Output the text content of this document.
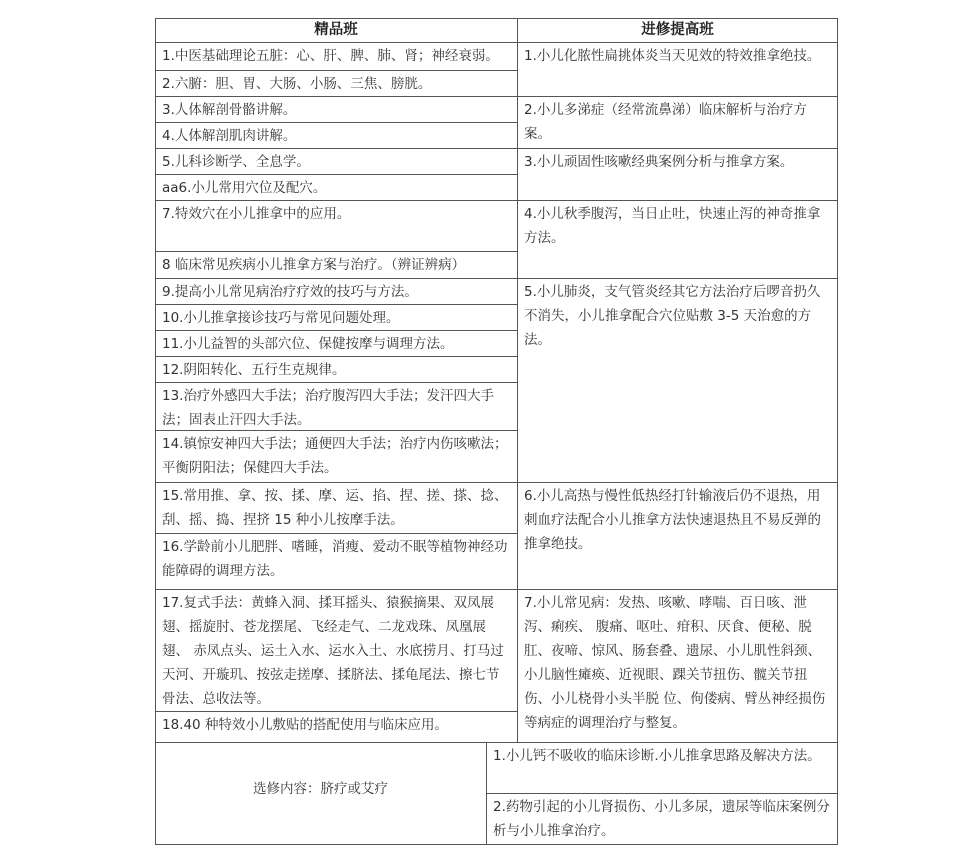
精品班	进修提高班
1.中医基础理论五脏：心、肝、脾、肺、肾；神经衰弱。
2.六腑：胆、胃、大肠、小肠、三焦、膀胱。
3.人体解剖骨骼讲解。
4.人体解剖肌肉讲解。
5.儿科诊断学、全息学。
aa6.小儿常用穴位及配穴。
7.特效穴在小儿推拿中的应用。
8 临床常见疾病小儿推拿方案与治疗。（辨证辨病）
9.提高小儿常见病治疗疗效的技巧与方法。
10.小儿推拿接诊技巧与常见问题处理。
11.小儿益智的头部穴位、保健按摩与调理方法。
12.阴阳转化、五行生克规律。
13.治疗外感四大手法；治疗腹泻四大手法；发汗四大手法；固表止汗四大手法。
14.镇惊安神四大手法；通便四大手法；治疗内伤咳嗽法；平衡阴阳法；保健四大手法。
15.常用推、拿、按、揉、摩、运、掐、捏、搓、搽、捻、刮、摇、捣、捏挤 15 种小儿按摩手法。
16.学龄前小儿肥胖、嗜睡，消瘦、爱动不眠等植物神经功能障碍的调理方法。
17.复式手法：黄蜂入洞、揉耳摇头、猿猴摘果、双凤展翅、摇旋肘、苍龙摆尾、飞经走气、二龙戏珠、凤凰展翅、 赤凤点头、运土入水、运水入土、水底捞月、打马过天河、开璇玑、按弦走搓摩、揉脐法、揉龟尾法、擦七节骨法、总收法等。
18.40 种特效小儿敷贴的搭配使用与临床应用。
1.小儿化脓性扁挑体炎当天见效的特效推拿绝技。
2.小儿多涕症（经常流鼻涕）临床解析与治疗方案。
3.小儿顽固性咳嗽经典案例分析与推拿方案。
4.小儿秋季腹泻，当日止吐，快速止泻的神奇推拿方法。
5.小儿肺炎，支气管炎经其它方法治疗后啰音扔久不消失，小儿推拿配合穴位贴敷 3-5 天治愈的方法。
6.小儿高热与慢性低热经打针输液后仍不退热，用刺血疗法配合小儿推拿方法快速退热且不易反弹的推拿绝技。
7.小儿常见病：发热、咳嗽、哮喘、百日咳、泄泻、痢疾、 腹痛、呕吐、疳积、厌食、便秘、脱肛、夜啼、惊风、肠套叠、遗尿、小儿肌性斜颈、小儿脑性瘫痪、近视眼、踝关节扭伤、髋关节扭伤、小儿桡骨小头半脱 位、佝偻病、臂丛神经损伤等病症的调理治疗与整复。
选修内容：脐疗或艾疗
1.小儿钙不吸收的临床诊断.小儿推拿思路及解决方法。
2.药物引起的小儿肾损伤、小儿多尿，遗尿等临床案例分析与小儿推拿治疗。
